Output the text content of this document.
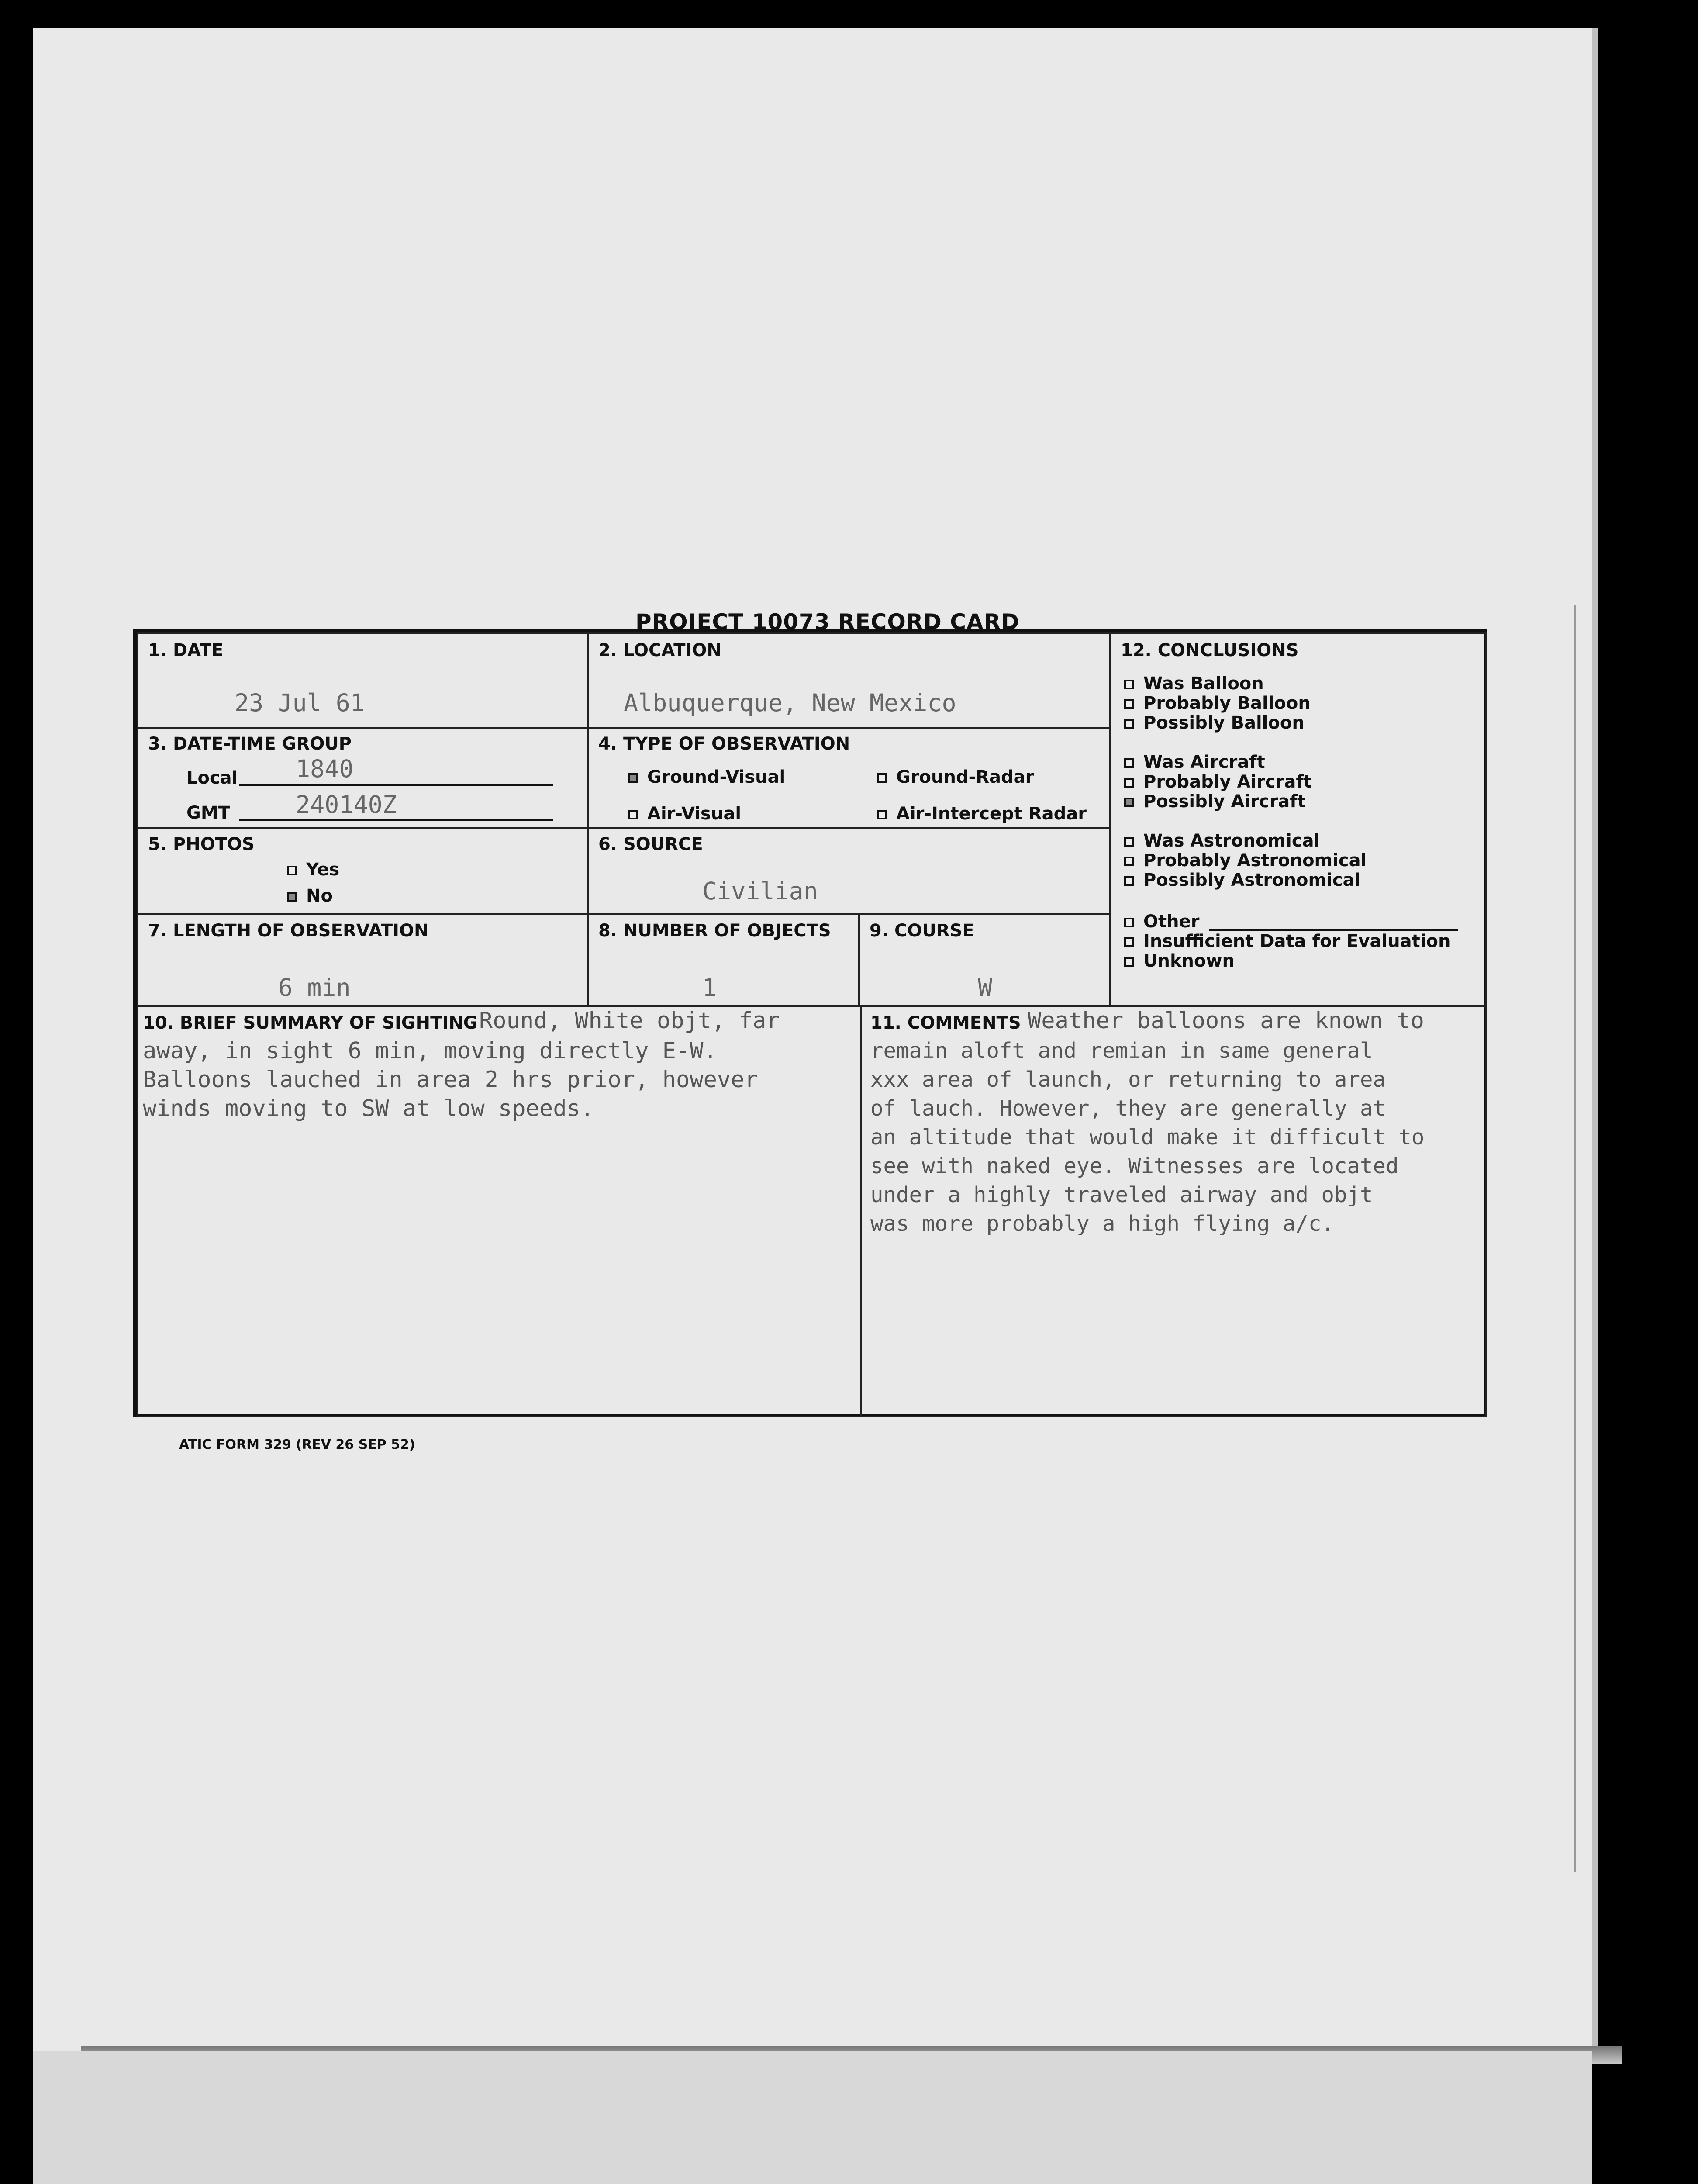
PROJECT 10073 RECORD CARD
1. DATE
23 Jul 61
2. LOCATION
Albuquerque, New Mexico
3. DATE-TIME GROUP
Local 1840
GMT	240140Z
4. TYPE OF OBSERVATION
Ground-Visual	Ground-Radar
Air-Visual	Air-Intercept Radar
5. PHOTOS
Yes
No
6. SOURCE
Civilian
7. LENGTH OF OBSERVATION
6 min
8. NUMBER OF OBJECTS
1
9. COURSE
W
12. CONCLUSIONS
Was Balloon
Probably Balloon
Possibly Balloon
Was Aircraft
Probably Aircraft
Possibly Aircraft
Was Astronomical
Probably Astronomical
Possibly Astronomical
Other
Insufficient Data for Evaluation
Unknown
10. BRIEF SUMMARY OF SIGHTING Round, White objt, far
away, in sight 6 min, moving directly E-W.
Balloons lauched in area 2 hrs prior, however
winds moving to SW at low speeds.
11. COMMENTS Weather balloons are known to
remain aloft and remian in same general
xxx area of launch, or returning to area
of lauch. However, they are generally at
an altitude that would make it difficult to
see with naked eye. Witnesses are located
under a highly traveled airway and objt
was more probably a high flying a/c.
ATIC FORM 329 (REV 26 SEP 52)
